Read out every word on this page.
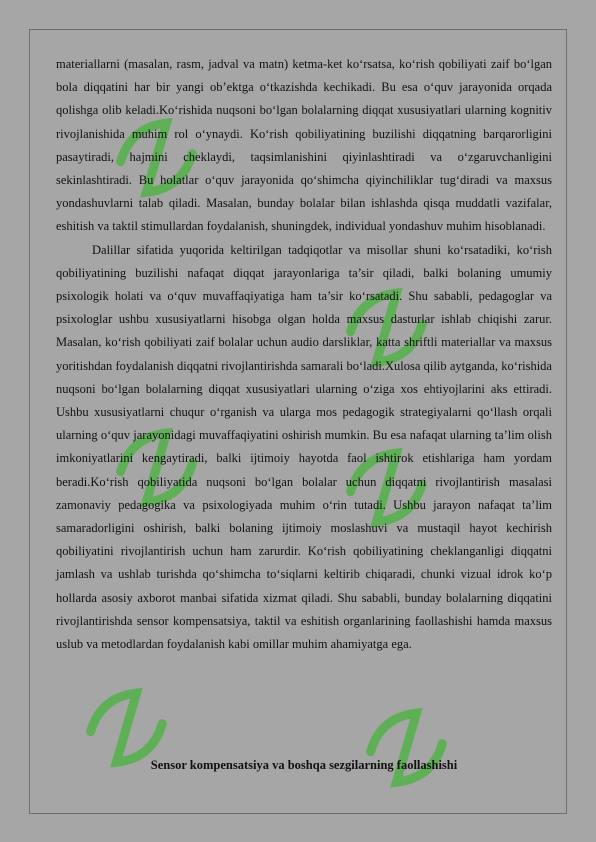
materiallarni (masalan, rasm, jadval va matn) ketma-ket ko‘rsatsa, ko‘rish qobiliyati zaif bo‘lgan bola diqqatini har bir yangi ob’ektga o‘tkazishda kechikadi. Bu esa o‘quv jarayonida orqada qolishga olib keladi.Ko‘rishida nuqsoni bo‘lgan bolalarning diqqat xususiyatlari ularning kognitiv rivojlanishida muhim rol o‘ynaydi. Ko‘rish qobiliyatining buzilishi diqqatning barqarorligini pasaytiradi, hajmini cheklaydi, taqsimlanishini qiyinlashtiradi va o‘zgaruvchanligini sekinlashtiradi. Bu holatlar o‘quv jarayonida qo‘shimcha qiyinchiliklar tug‘diradi va maxsus yondashuvlarni talab qiladi. Masalan, bunday bolalar bilan ishlashda qisqa muddatli vazifalar, eshitish va taktil stimullardan foydalanish, shuningdek, individual yondashuv muhim hisoblanadi.

Dalillar sifatida yuqorida keltirilgan tadqiqotlar va misollar shuni ko‘rsatadiki, ko‘rish qobiliyatining buzilishi nafaqat diqqat jarayonlariga ta’sir qiladi, balki bolaning umumiy psixologik holati va o‘quv muvaffaqiyatiga ham ta’sir ko‘rsatadi. Shu sababli, pedagoglar va psixologlar ushbu xususiyatlarni hisobga olgan holda maxsus dasturlar ishlab chiqishi zarur. Masalan, ko‘rish qobiliyati zaif bolalar uchun audio darsliklar, katta shriftli materiallar va maxsus yoritishdan foydalanish diqqatni rivojlantirishda samarali bo‘ladi.Xulosa qilib aytganda, ko‘rishida nuqsoni bo‘lgan bolalarning diqqat xususiyatlari ularning o‘ziga xos ehtiyojlarini aks ettiradi. Ushbu xususiyatlarni chuqur o‘rganish va ularga mos pedagogik strategiyalarni qo‘llash orqali ularning o‘quv jarayonidagi muvaffaqiyatini oshirish mumkin. Bu esa nafaqat ularning ta’lim olish imkoniyatlarini kengaytiradi, balki ijtimoiy hayotda faol ishtirok etishlariga ham yordam beradi.Ko‘rish qobiliyatida nuqsoni bo‘lgan bolalar uchun diqqatni rivojlantirish masalasi zamonaviy pedagogika va psixologiyada muhim o‘rin tutadi. Ushbu jarayon nafaqat ta’lim samaradorligini oshirish, balki bolaning ijtimoiy moslashuvi va mustaqil hayot kechirish qobiliyatini rivojlantirish uchun ham zarurdir. Ko‘rish qobiliyatining cheklanganligi diqqatni jamlash va ushlab turishda qo‘shimcha to‘siqlarni keltirib chiqaradi, chunki vizual idrok ko‘p hollarda asosiy axborot manbai sifatida xizmat qiladi. Shu sababli, bunday bolalarning diqqatini rivojlantirishda sensor kompensatsiya, taktil va eshitish organlarining faollashishi hamda maxsus uslub va metodlardan foydalanish kabi omillar muhim ahamiyatga ega.

Sensor kompensatsiya va boshqa sezgilarning faollashishi
